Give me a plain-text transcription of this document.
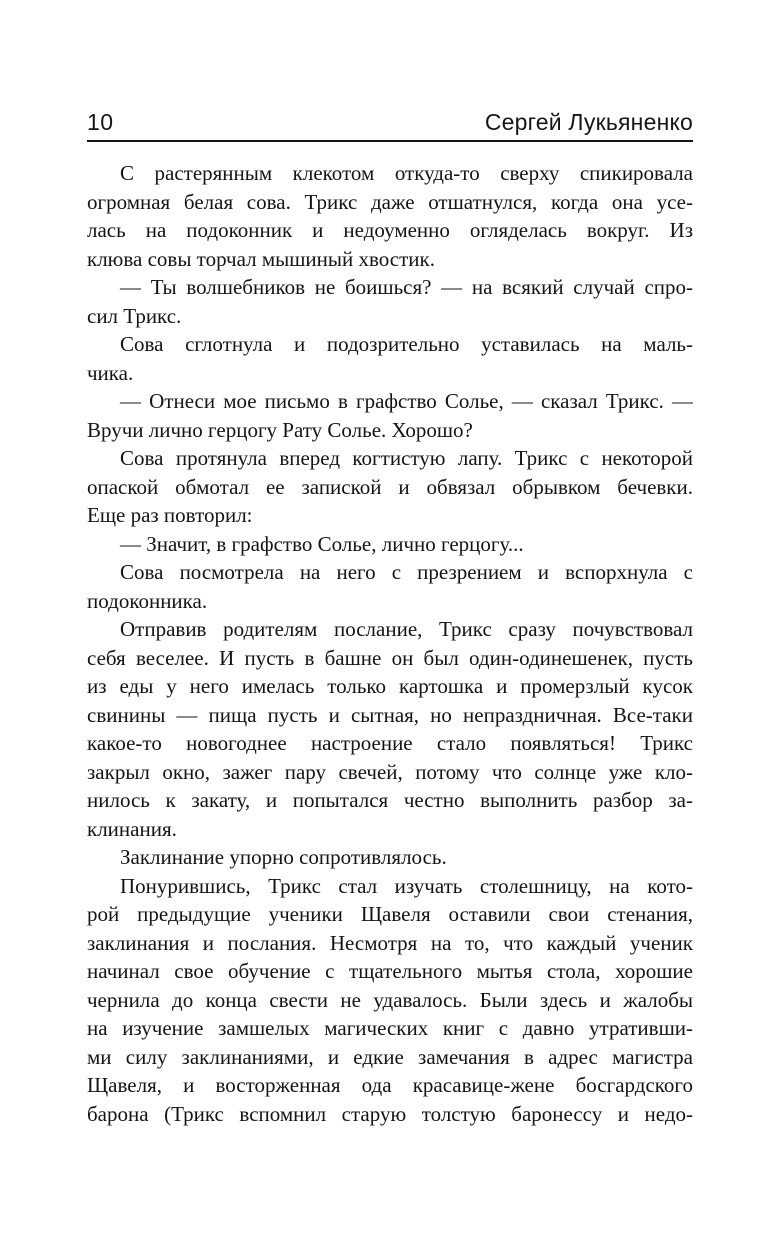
10	Сергей Лукьяненко
С растерянным клекотом откуда-то сверху спикировала
огромная белая сова. Трикс даже отшатнулся, когда она усе-
лась на подоконник и недоуменно огляделась вокруг. Из
клюва совы торчал мышиный хвостик.
— Ты волшебников не боишься? — на всякий случай спро-
сил Трикс.
Сова сглотнула и подозрительно уставилась на маль-
чика.
— Отнеси мое письмо в графство Солье, — сказал Трикс. —
Вручи лично герцогу Рату Солье. Хорошо?
Сова протянула вперед когтистую лапу. Трикс с некоторой
опаской обмотал ее запиской и обвязал обрывком бечевки.
Еще раз повторил:
— Значит, в графство Солье, лично герцогу...
Сова посмотрела на него с презрением и вспорхнула с
подоконника.
Отправив родителям послание, Трикс сразу почувствовал
себя веселее. И пусть в башне он был один-одинешенек, пусть
из еды у него имелась только картошка и промерзлый кусок
свинины — пища пусть и сытная, но непраздничная. Все-таки
какое-то новогоднее настроение стало появляться! Трикс
закрыл окно, зажег пару свечей, потому что солнце уже кло-
нилось к закату, и попытался честно выполнить разбор за-
клинания.
Заклинание упорно сопротивлялось.
Понурившись, Трикс стал изучать столешницу, на кото-
рой предыдущие ученики Щавеля оставили свои стенания,
заклинания и послания. Несмотря на то, что каждый ученик
начинал свое обучение с тщательного мытья стола, хорошие
чернила до конца свести не удавалось. Были здесь и жалобы
на изучение замшелых магических книг с давно утративши-
ми силу заклинаниями, и едкие замечания в адрес магистра
Щавеля, и восторженная ода красавице-жене босгардского
барона (Трикс вспомнил старую толстую баронессу и недо-
